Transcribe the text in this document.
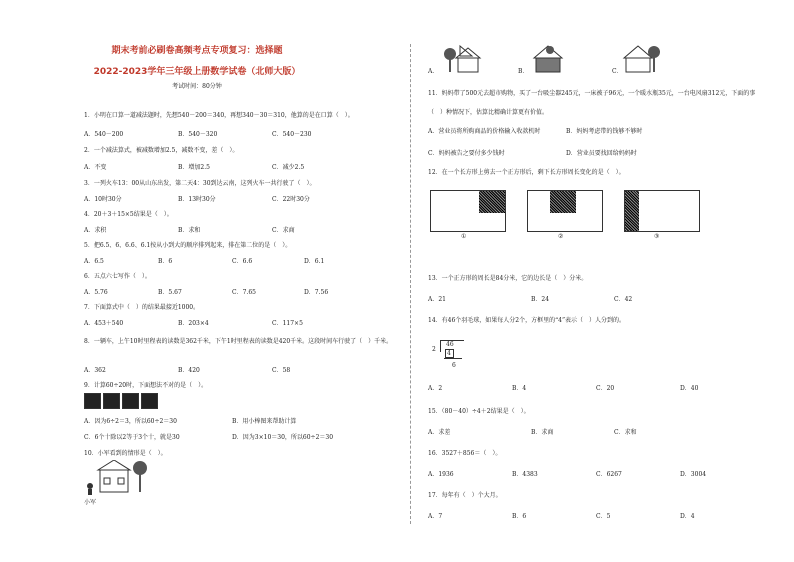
期末考前必刷卷高频考点专项复习：选择题
2022-2023学年三年级上册数学试卷（北师大版）
考试时间：80分钟
1．小明在口算一道减法题时，先想540－200＝340，再想340－30＝310，他算的是在口算（　）。
A．540－200	B．540－320	C．540－230
2．一个减法算式，被减数增加2.5，减数不变，差（　）。
A．不变	B．增加2.5	C．减少2.5
3．一列火车13：00从山东出发，第二天4：30到达云南，这列火车一共行驶了（　）。
A．10时30分	B．13时30分	C．22时30分
4．20＋3＋15×5结果是（　）。
A．求积	B．求和	C．求商
5．把6.5、6、6.6、6.1按从小到大的顺序排列起来，排在第二位的是（　）。
A．6.5	B．6	C．6.6	D．6.1
6．五点六七写作（　）。
A．5.76	B．5.67	C．7.65	D．7.56
7．下面算式中（　）的结果最接近1000。
A．453＋540	B．203×4	C．117×5
8．一辆车，上午10时里程表的读数是362千米，下午1时里程表的读数是420千米。这段时间车行驶了（　）千米。
A．362	B．420	C．58
9．计算60÷20时，下面想法不对的是（　）。
A．因为6÷2＝3，所以60÷2＝30	B．用小棒图来帮助计算
C．6个十除以2等于3个十，就是30	D．因为3×10＝30，所以60÷2＝30
10．小军看到的情形是（　）。
小军
A．	B．	C．
11．妈妈带了500元去超市购物，买了一台吸尘器245元，一床被子96元，一个暖水瓶35元，一台电风扇312元，下面的事
（　）种情况下，估算比精确计算更有价值。
A．营业员将所购商品的价格输入收款机时	B．妈妈考虑带的钱够不够时
C．妈妈被告之要付多少钱时	D．营业员要找回给妈妈时
12．在一个长方形上剪去一个正方形后，剩下长方形周长变化的是（　）。
①	②	③
13．一个正方形的周长是84分米，它的边长是（　）分米。
A．21	B．24	C．42
14．有46个羽毛球，如果每人分2个，方框里的“4”表示（　）人分到的。
2
46
4
6
A．2	B．4	C．20	D．40
15．（80－40）÷4＋2结果是（　）。
A．求差	B．求商	C．求和
16．3527＋856＝（　）。
A．1936	B．4383	C．6267	D．3004
17．每年有（　）个大月。
A．7	B．6	C．5	D．4
